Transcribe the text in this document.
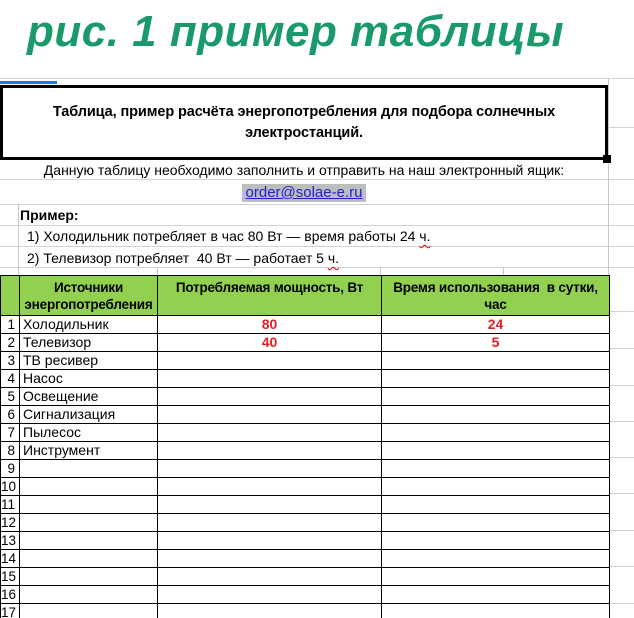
рис. 1 пример таблицы
Таблица, пример расчёта энергопотребления для подбора солнечных
электростанций.
Данную таблицу необходимо заполнить и отправить на наш электронный ящик:
order@solae-e.ru
Пример:
1) Холодильник потребляет в час 80 Вт — время работы 24 ч.
2) Телевизор потребляет  40 Вт — работает 5 ч.
	Источники энергопотребления	Потребляемая мощность, Вт	Время использования  в сутки, час
1	Холодильник	80	24
2	Телевизор	40	5
3	ТВ ресивер		
4	Насос		
5	Освещение		
6	Сигнализация		
7	Пылесос		
8	Инструмент		
9			
10			
11			
12			
13			
14			
15			
16			
17			
